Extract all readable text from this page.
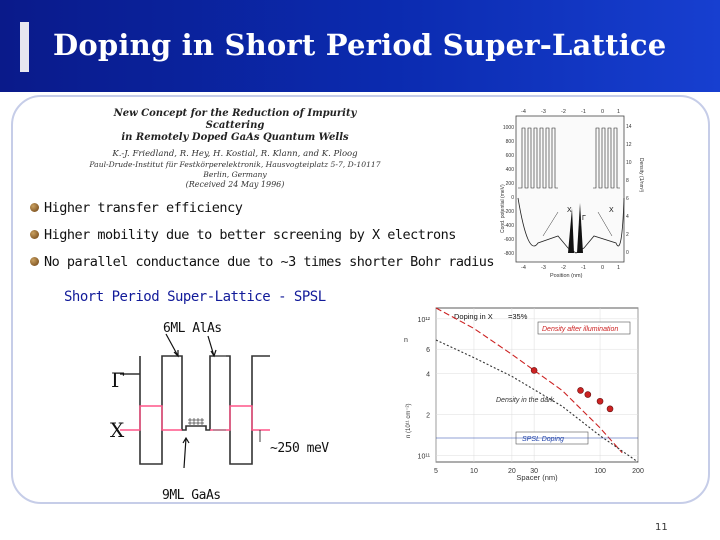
Doping in Short Period Super-Lattice
New Concept for the Reduction of Impurity Scattering
in Remotely Doped GaAs Quantum Wells
K.-J. Friedland, R. Hey, H. Kostial, R. Klann, and K. Ploog
Paul-Drude-Institut für Festkörperelektronik, Hausvogteiplatz 5-7, D-10117 Berlin, Germany
(Received 24 May 1996)
-4	-3	-2	-1	0 1
1000
800
600
400
200
0
-200
-400
-600
-800
14
12
10
8
6
4
2
0
X
Γ
X
-4	-3	-2	-1	0 1
Position (nm)
Cond. potential (meV)
Density (1/nm³)
Higher transfer efficiency
Higher mobility due to better screening by X electrons
No parallel conductance due to ~3 times shorter Bohr radius
Short Period Super-Lattice - SPSL
6ML AlAs
9ML GaAs
~250 meV
Γ
X
5	10	20 30	100	200
10¹²
6
4
2
10¹¹
Spacer (nm)
n
n (10¹¹ cm⁻²)
Doping in X =35%
Density after illumination
Density in the dark
SPSL Doping
11
